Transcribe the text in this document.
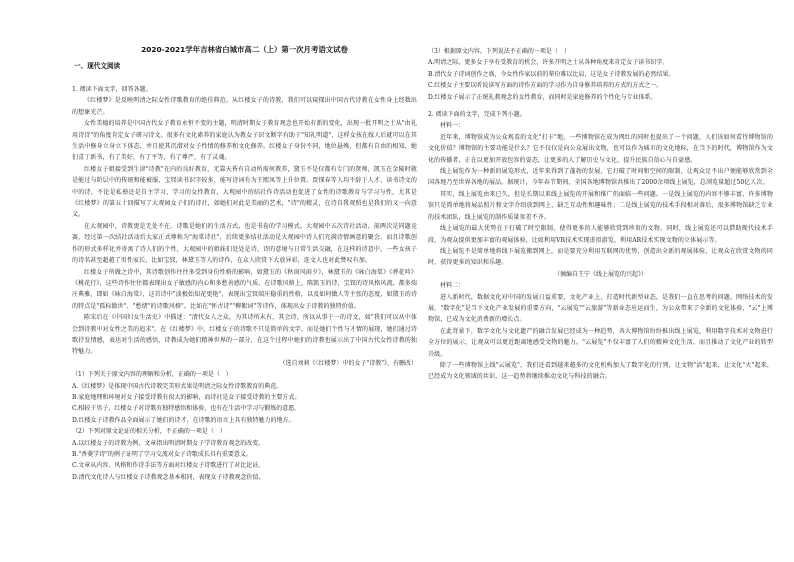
2020-2021学年吉林省白城市高二（上）第一次月考语文试卷
一、现代文阅读

1. 阅读下面文字，回答各题。

《红楼梦》是反映明清之际女性诗歌教育的绝佳典范。从红楼女子的诗教，我们可以窥探出中国古代诗教在女性身上经数出的想象光芒。

女性美德的培养是中国古代女子教育永恒不变的主题，明清时期女子教育观念也开始有新的变化，出现一批开明之士从"由礼用诗诗"的角度肯定女子研习诗文。很多有文化素养的家庭认为教女子识文断字有助于"知礼明道"，这样女孩在嫁人后就可以在其生活中修身立身立下体态，并且使其沉潜对女子性情的修养和文化修养。红楼女子身份不同，地位悬殊，但都有自由的相知，她们喜丁新书，有了美好，有了平等，有了尊严，有了灵魂。

红楼女子姐接受到生津"诗教"在内的良好教育，无靠天皆有自动所需何教养，黛玉不是仅都有专门的贤师，凯玉在金陵时就是能过与阶层中的传统和能被服，宝钗读书识字较多，能写诗词有为王熙凤等上升位置。贾探春等人均不辞于人才，读书诗文的中的诗，不论是私塾还是自主学习，学习的女性教育，大观园中的结社作诗活动也促进了女性的诗歌教育与学习与性，尤其是《红楼梦》的第五十回描写了大观园女子们的诗社，如她们对此是美丽的艺术，"诗"的精灵，在诗自我观照也是我们的又一向意义。

在大观园中，诗教更是无处不在。诗歌是她们的生活方式，也是书卷的学习模式。大观园中五次诗社活动，前两次是同题竞赛，经过第一次结社活动后大家正式尊称为"海棠诗社"，后续更多结社活动是大观园中诗人们充满诗情画意的聚会，而且诗歌创作的形式多样化并寄寓了诗人们的个性，大观园中的姐妹们处处是诗，诗的意境与日常生活交融，在这样的诗意中，一些女孩子的诗名甚至超越了男性家长，比如宝钗，林黛玉等人的诗作，在众人欣赏下大放异彩，连文人也对此赞叹有加。

红楼女子所做之诗中，其诗歌创作往往多受到身份性格的影响，如黛玉的《秋窗风雨夕》，林黛玉的《咏白海棠》《葬花吟》《桃花行》，这些诗作往往都表现出女子敏感的内心和多愁善感的气质，在诗歌风格上，陈凯玉的诗，宝钗的诗风格风流，都多端庄典雅，即如《咏白海棠》，这首诗中"淡极始知花更艳"，表现出宝钗端庄稳重的性格，以及如何做人等主张的态度，如黛玉的诗的特点是"孤标傲世"、"愁绪"的诗歌风格"。比如在"怀古诗""柳絮词"等诗作，体现出女子诗教的独特价值。

陈宋后在《中国妇女生活史》中描述："清代女人之众，为其诗所未有，其会诗，所以从事于一的诗文，如"我们可以从中体会到诗教中对女性之美的追求"。在《红楼梦》中，红楼女子的诗歌不只是简单的文字，而是她们个性与才情的展现，她们通过诗歌抒发情感，表达对生活的感悟，诗教成为她们精神世界的一部分，在这个过程中她们的诗教也展示出了中国古代女性诗教的独特魅力。

（选自刘莉《〈红楼梦〉中的女子"诗教"》，有删改）

（1）下列关于原文内容的理解和分析，正确的一项是（　）

A.《红楼梦》是体现中国古代诗教完美形式果是明清之际女性诗歌教育的典范。

B.家庭地理和环境对女子接受诗教有很大的影响，而诗社是女子接受诗教的主要方式。

C.相较于男子，红楼女子对诗歌有独特感悟和体验，也有在生活中学习与锻炼的意愿。

D.红楼女子诗教作品全面展示了她们的诗才，在诗歌的语言上具有独特魅力的地方。

（2）下列对原文论证的相关分析，不正确的一项是（　）

A.以红楼女子的诗教为例，文章指出明清时期女子学诗教育观念的改变。

B."香菱学诗"的例子证明了学习交流对女子诗歌成长具有重要意义。

C.文章从内容、风格和作诗手法等方面对红楼女子诗歌进行了对比论证。

D.清代文化诗人与红楼女子诗教观念基本相同，表现女子诗教观念价值。

（3）根据原文内容，下列说法不正确的一项是（　）

A.明清之际，更多女子享有受教育的机会，许多开明之士从各种角度来肯定女子读书识字。

B.清代女子诗词创作之盛，今女性作家以前的辈份难以比肩，这是女子诗教发展的必然结果。

C.红楼女子主要以听说读写方面的诗作方面的学习作为自身修养培养的方式的方式之一。

D.红楼女子展示了正统礼教观念的女性教育，而同时是家庭修养的个性化与专业体系。

2. 阅读下面的文字，完成下列小题。

材料一：

近年来，博物馆成为公众观看的文化"打卡"地，一些博物馆在成为网红的同时也提出了一个问题，人们该如何看待博物馆的文化价值？博物馆的主要功能是什么？它不仅仅是向公众展出文物，也可以作为城市的文化地标，在当下的时代，博物馆作为文化的传播者，正在以更加开放包容的姿态，让更多的人了解历史与文化，提升民族自信心与自豪感。

线上展览作为一种新的展览形式，近年来得到了蓬勃的发展，它打破了时间和空间的限制，让观众足不出户便能够欣赏到全国各地乃至世界各地的展品。据统计，今年春节期间，全国各地博物馆共推出了2000余项线上展览，总浏览量超过50亿人次。

其实，线上展览由来已久，但是长期以来线上展览的开展和推广仍面临一些问题。一是线上展览的内容不够丰富，许多博物馆只是简单地将展品照片和文字介绍放到网上，缺乏互动性和趣味性；二是线上展览的技术手段相对落后，很多博物馆缺乏专业的技术团队，线上展览的制作质量参差不齐。

线上展览的最大优势在于打破了时空限制，使得更多的人能够欣赏到珍贵的文物。同时，线上展览还可以借助现代技术手段，为观众提供更加丰富的观展体验，比如利用VR技术实现虚拟游览，利用AR技术实现文物的立体展示等。

线上展览不是简单地将线下展览搬到网上，而是要充分利用互联网的优势，创造出全新的观展体验，让观众在欣赏文物的同时，获得更多的知识和乐趣。

（摘编自王宁《线上展览的兴起》）

材料二：

进入新时代，数据文化对中国的发展日益重要，文化产业上，打造时代新型业态，是我们一直在思考的问题。网络技术的发展，"数字化"是当下文化产业发展的重要方向，"云展览""云旅游"等新业态应运而生，为公众带来了全新的文化体验，"云"上博物馆，已成为文化消费新的增长点。

在此背景下，数字文化与文化遗产的融合发展已经成为一种趋势，各大博物馆纷纷推出线上展览，利用数字技术对文物进行全方位的展示，让观众可以更近距离地感受文物的魅力。"云展览"不仅丰富了人们的精神文化生活，而且推动了文化产业的转型升级。

除了一些博物馆上线"云展览"，我们还看到越来越多的文化机构加入了数字化的行列，让文物"活"起来，让文化"火"起来，已经成为文化领域的共识，这一趋势将继续推动文化与科技的融合。
